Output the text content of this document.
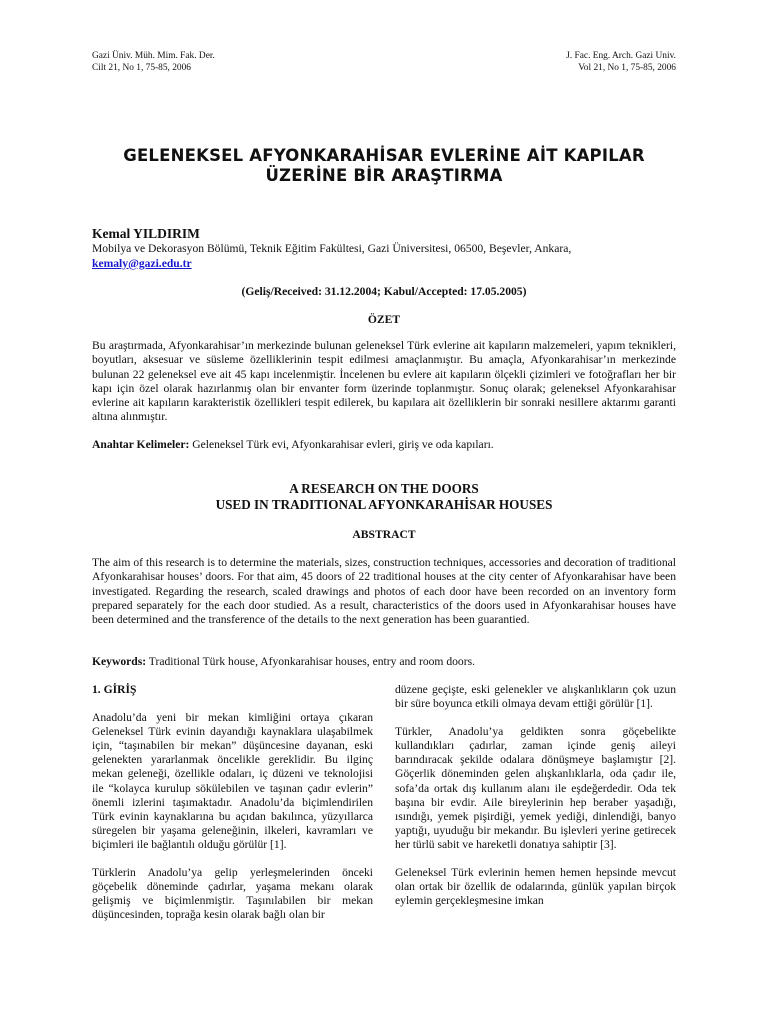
Gazi Üniv. Müh. Mim. Fak. Der.
Cilt 21, No 1, 75-85, 2006
J. Fac. Eng. Arch. Gazi Univ.
Vol 21, No 1, 75-85, 2006
GELENEKSEL AFYONKARAHİSAR EVLERİNE AİT KAPILAR
ÜZERİNE BİR ARAŞTIRMA
Kemal YILDIRIM
Mobilya ve Dekorasyon Bölümü, Teknik Eğitim Fakültesi, Gazi Üniversitesi, 06500, Beşevler, Ankara,
kemaly@gazi.edu.tr
(Geliş/Received: 31.12.2004; Kabul/Accepted: 17.05.2005)
ÖZET
Bu araştırmada, Afyonkarahisar’ın merkezinde bulunan geleneksel Türk evlerine ait kapıların malzemeleri, yapım teknikleri, boyutları, aksesuar ve süsleme özelliklerinin tespit edilmesi amaçlanmıştır. Bu amaçla, Afyonkarahisar’ın merkezinde bulunan 22 geleneksel eve ait 45 kapı incelenmiştir. İncelenen bu evlere ait kapıların ölçekli çizimleri ve fotoğrafları her bir kapı için özel olarak hazırlanmış olan bir envanter form üzerinde toplanmıştır. Sonuç olarak; geleneksel Afyonkarahisar evlerine ait kapıların karakteristik özellikleri tespit edilerek, bu kapılara ait özelliklerin bir sonraki nesillere aktarımı garanti altına alınmıştır.
Anahtar Kelimeler: Geleneksel Türk evi, Afyonkarahisar evleri, giriş ve oda kapıları.
A RESEARCH ON THE DOORS
USED IN TRADITIONAL AFYONKARAHİSAR HOUSES
ABSTRACT
The aim of this research is to determine the materials, sizes, construction techniques, accessories and decoration of traditional Afyonkarahisar houses’ doors. For that aim, 45 doors of 22 traditional houses at the city center of Afyonkarahisar have been investigated. Regarding the research, scaled drawings and photos of each door have been recorded on an inventory form prepared separately for the each door studied. As a result, characteristics of the doors used in Afyonkarahisar houses have been determined and the transference of the details to the next generation has been guarantied.
Keywords: Traditional Türk house, Afyonkarahisar houses, entry and room doors.
1. GİRİŞ

Anadolu’da yeni bir mekan kimliğini ortaya çıkaran Geleneksel Türk evinin dayandığı kaynaklara ulaşabilmek için, “taşınabilen bir mekan” düşüncesine dayanan, eski gelenekten yararlanmak öncelikle gereklidir. Bu ilginç mekan geleneği, özellikle odaları, iç düzeni ve teknolojisi ile “kolayca kurulup sökülebilen ve taşınan çadır evlerin” önemli izlerini taşımaktadır. Anadolu’da biçimlendirilen Türk evinin kaynaklarına bu açıdan bakılınca, yüzyıllarca süregelen bir yaşama geleneğinin, ilkeleri, kavramları ve biçimleri ile bağlantılı olduğu görülür [1].

Türklerin Anadolu’ya gelip yerleşmelerinden önceki göçebelik döneminde çadırlar, yaşama mekanı olarak gelişmiş ve biçimlenmiştir. Taşınılabilen bir mekan düşüncesinden, toprağa kesin olarak bağlı olan bir

düzene geçişte, eski gelenekler ve alışkanlıkların çok uzun bir süre boyunca etkili olmaya devam ettiği görülür [1].

Türkler, Anadolu’ya geldikten sonra göçebelikte kullandıkları çadırlar, zaman içinde geniş aileyi barındıracak şekilde odalara dönüşmeye başlamıştır [2]. Göçerlik döneminden gelen alışkanlıklarla, oda çadır ile, sofa’da ortak dış kullanım alanı ile eşdeğerdedir. Oda tek başına bir evdir. Aile bireylerinin hep beraber yaşadığı, ısındığı, yemek pişirdiği, yemek yediği, dinlendiği, banyo yaptığı, uyuduğu bir mekandır. Bu işlevleri yerine getirecek her türlü sabit ve hareketli donatıya sahiptir [3].

Geleneksel Türk evlerinin hemen hemen hepsinde mevcut olan ortak bir özellik de odalarında, günlük yapılan birçok eylemin gerçekleşmesine imkan
